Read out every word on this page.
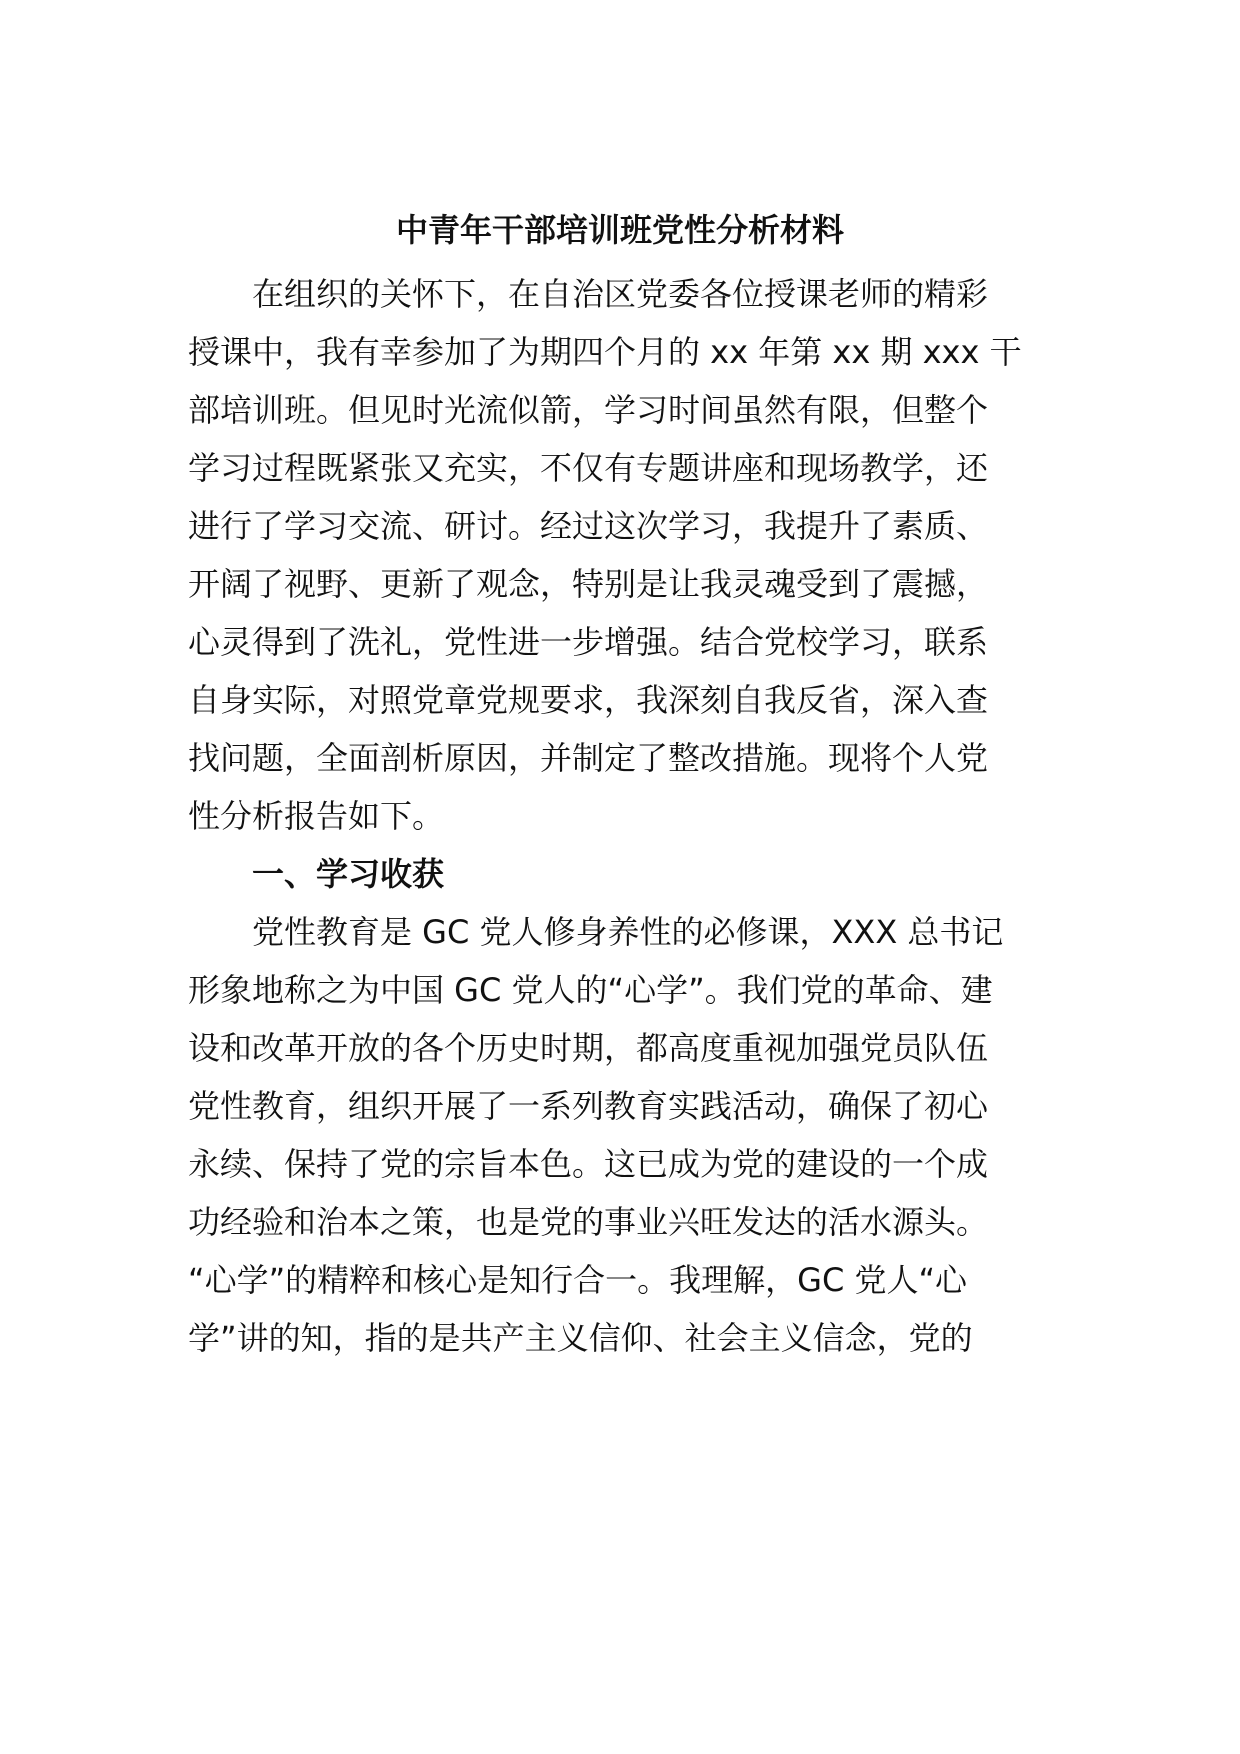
中青年干部培训班党性分析材料

在组织的关怀下，在自治区党委各位授课老师的精彩

授课中，我有幸参加了为期四个月的 xx 年第 xx 期 xxx 干

部培训班。但见时光流似箭，学习时间虽然有限，但整个

学习过程既紧张又充实，不仅有专题讲座和现场教学，还

进行了学习交流、研讨。经过这次学习，我提升了素质、

开阔了视野、更新了观念，特别是让我灵魂受到了震撼，

心灵得到了洗礼，党性进一步增强。结合党校学习，联系

自身实际，对照党章党规要求，我深刻自我反省，深入查

找问题，全面剖析原因，并制定了整改措施。现将个人党

性分析报告如下。

一、学习收获

党性教育是 GC 党人修身养性的必修课，XXX 总书记

形象地称之为中国 GC 党人的“心学”。我们党的革命、建

设和改革开放的各个历史时期，都高度重视加强党员队伍

党性教育，组织开展了一系列教育实践活动，确保了初心

永续、保持了党的宗旨本色。这已成为党的建设的一个成

功经验和治本之策，也是党的事业兴旺发达的活水源头。

“心学”的精粹和核心是知行合一。我理解，GC 党人“心

学”讲的知，指的是共产主义信仰、社会主义信念，党的
